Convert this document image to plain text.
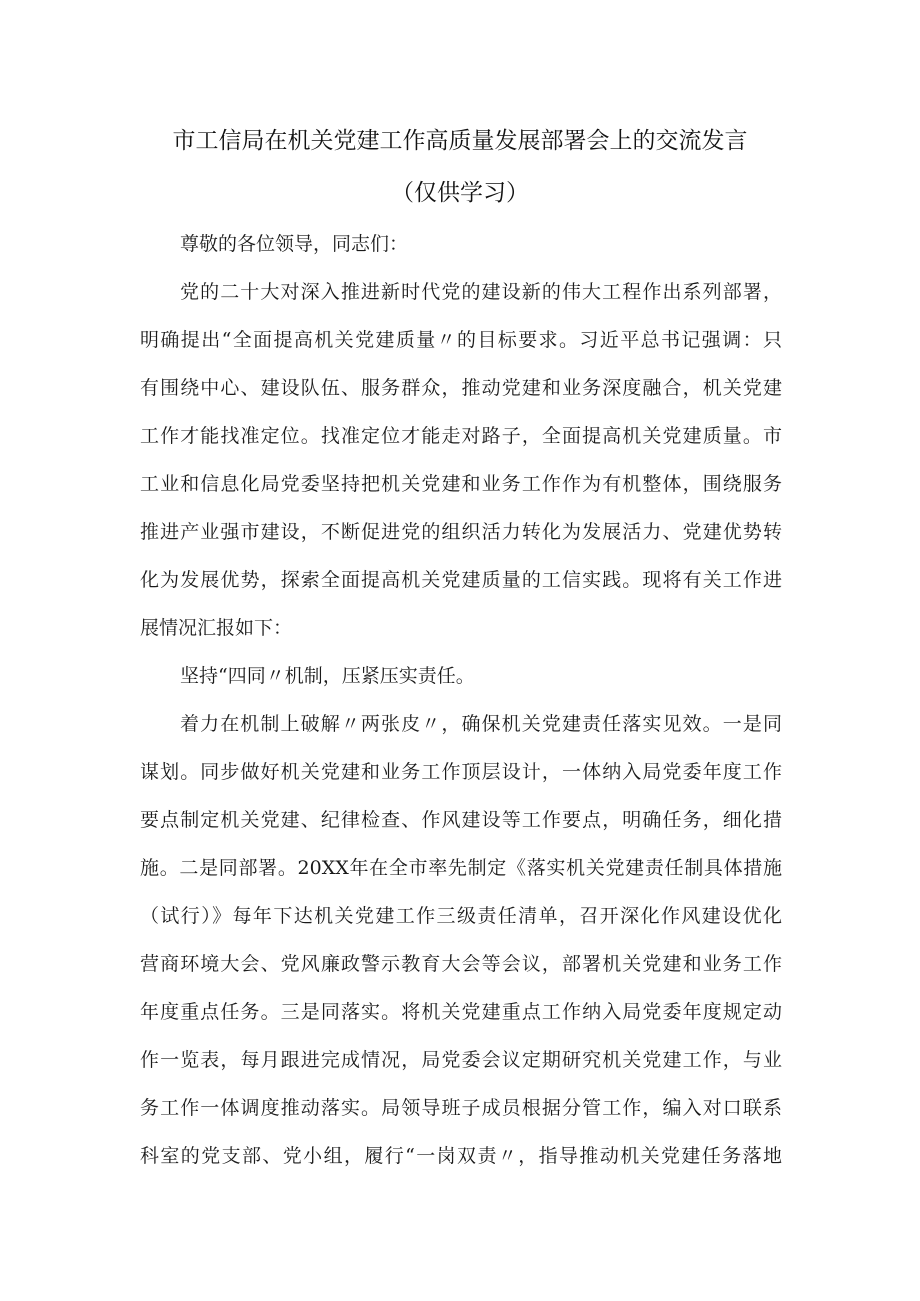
市工信局在机关党建工作高质量发展部署会上的交流发言
（仅供学习）
尊敬的各位领导，同志们：
党的二十大对深入推进新时代党的建设新的伟大工程作出系列部署，
明确提出“全面提高机关党建质量〃的目标要求。习近平总书记强调：只
有围绕中心、建设队伍、服务群众，推动党建和业务深度融合，机关党建
工作才能找准定位。找准定位才能走对路子，全面提高机关党建质量。市
工业和信息化局党委坚持把机关党建和业务工作作为有机整体，围绕服务
推进产业强市建设，不断促进党的组织活力转化为发展活力、党建优势转
化为发展优势，探索全面提高机关党建质量的工信实践。现将有关工作进
展情况汇报如下：
坚持“四同〃机制，压紧压实责任。
着力在机制上破解〃两张皮〃，确保机关党建责任落实见效。一是同
谋划。同步做好机关党建和业务工作顶层设计，一体纳入局党委年度工作
要点制定机关党建、纪律检查、作风建设等工作要点，明确任务，细化措
施。二是同部署。20XX年在全市率先制定《落实机关党建责任制具体措施
（试行）》每年下达机关党建工作三级责任清单，召开深化作风建设优化
营商环境大会、党风廉政警示教育大会等会议，部署机关党建和业务工作
年度重点任务。三是同落实。将机关党建重点工作纳入局党委年度规定动
作一览表，每月跟进完成情况，局党委会议定期研究机关党建工作，与业
务工作一体调度推动落实。局领导班子成员根据分管工作，编入对口联系
科室的党支部、党小组，履行“一岗双责〃，指导推动机关党建任务落地
